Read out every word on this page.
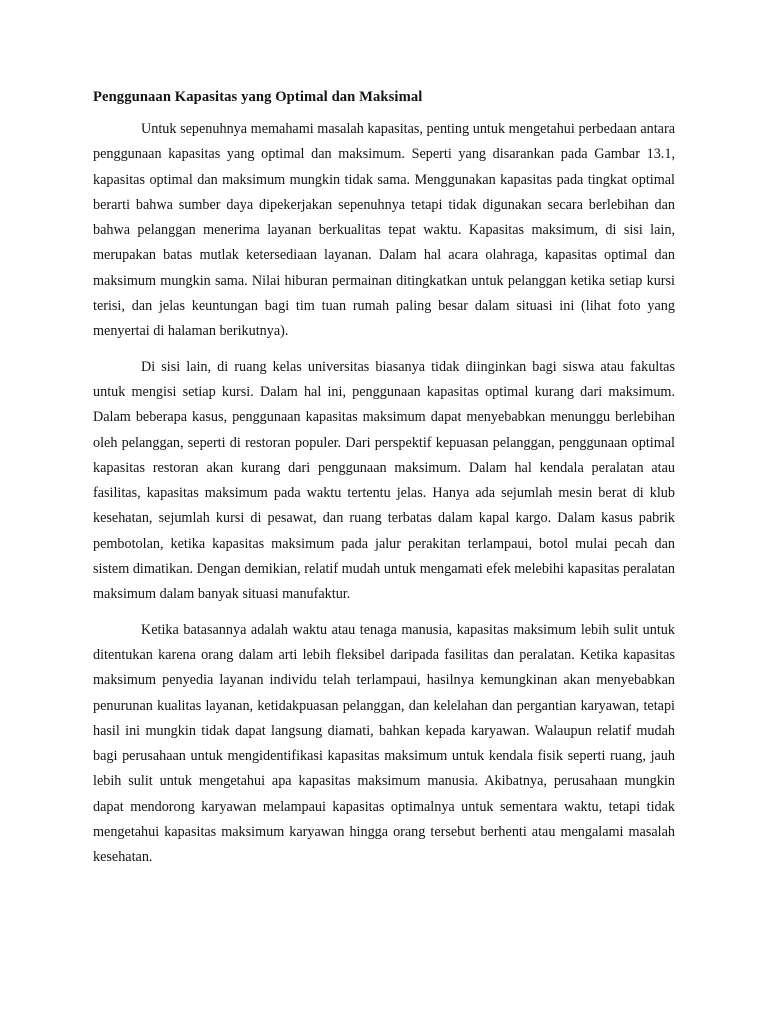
Penggunaan Kapasitas yang Optimal dan Maksimal

Untuk sepenuhnya memahami masalah kapasitas, penting untuk mengetahui perbedaan antara penggunaan kapasitas yang optimal dan maksimum. Seperti yang disarankan pada Gambar 13.1, kapasitas optimal dan maksimum mungkin tidak sama. Menggunakan kapasitas pada tingkat optimal berarti bahwa sumber daya dipekerjakan sepenuhnya tetapi tidak digunakan secara berlebihan dan bahwa pelanggan menerima layanan berkualitas tepat waktu. Kapasitas maksimum, di sisi lain, merupakan batas mutlak ketersediaan layanan. Dalam hal acara olahraga, kapasitas optimal dan maksimum mungkin sama. Nilai hiburan permainan ditingkatkan untuk pelanggan ketika setiap kursi terisi, dan jelas keuntungan bagi tim tuan rumah paling besar dalam situasi ini (lihat foto yang menyertai di halaman berikutnya).

Di sisi lain, di ruang kelas universitas biasanya tidak diinginkan bagi siswa atau fakultas untuk mengisi setiap kursi. Dalam hal ini, penggunaan kapasitas optimal kurang dari maksimum. Dalam beberapa kasus, penggunaan kapasitas maksimum dapat menyebabkan menunggu berlebihan oleh pelanggan, seperti di restoran populer. Dari perspektif kepuasan pelanggan, penggunaan optimal kapasitas restoran akan kurang dari penggunaan maksimum. Dalam hal kendala peralatan atau fasilitas, kapasitas maksimum pada waktu tertentu jelas. Hanya ada sejumlah mesin berat di klub kesehatan, sejumlah kursi di pesawat, dan ruang terbatas dalam kapal kargo. Dalam kasus pabrik pembotolan, ketika kapasitas maksimum pada jalur perakitan terlampaui, botol mulai pecah dan sistem dimatikan. Dengan demikian, relatif mudah untuk mengamati efek melebihi kapasitas peralatan maksimum dalam banyak situasi manufaktur.

Ketika batasannya adalah waktu atau tenaga manusia, kapasitas maksimum lebih sulit untuk ditentukan karena orang dalam arti lebih fleksibel daripada fasilitas dan peralatan. Ketika kapasitas maksimum penyedia layanan individu telah terlampaui, hasilnya kemungkinan akan menyebabkan penurunan kualitas layanan, ketidakpuasan pelanggan, dan kelelahan dan pergantian karyawan, tetapi hasil ini mungkin tidak dapat langsung diamati, bahkan kepada karyawan. Walaupun relatif mudah bagi perusahaan untuk mengidentifikasi kapasitas maksimum untuk kendala fisik seperti ruang, jauh lebih sulit untuk mengetahui apa kapasitas maksimum manusia. Akibatnya, perusahaan mungkin dapat mendorong karyawan melampaui kapasitas optimalnya untuk sementara waktu, tetapi tidak mengetahui kapasitas maksimum karyawan hingga orang tersebut berhenti atau mengalami masalah kesehatan.
